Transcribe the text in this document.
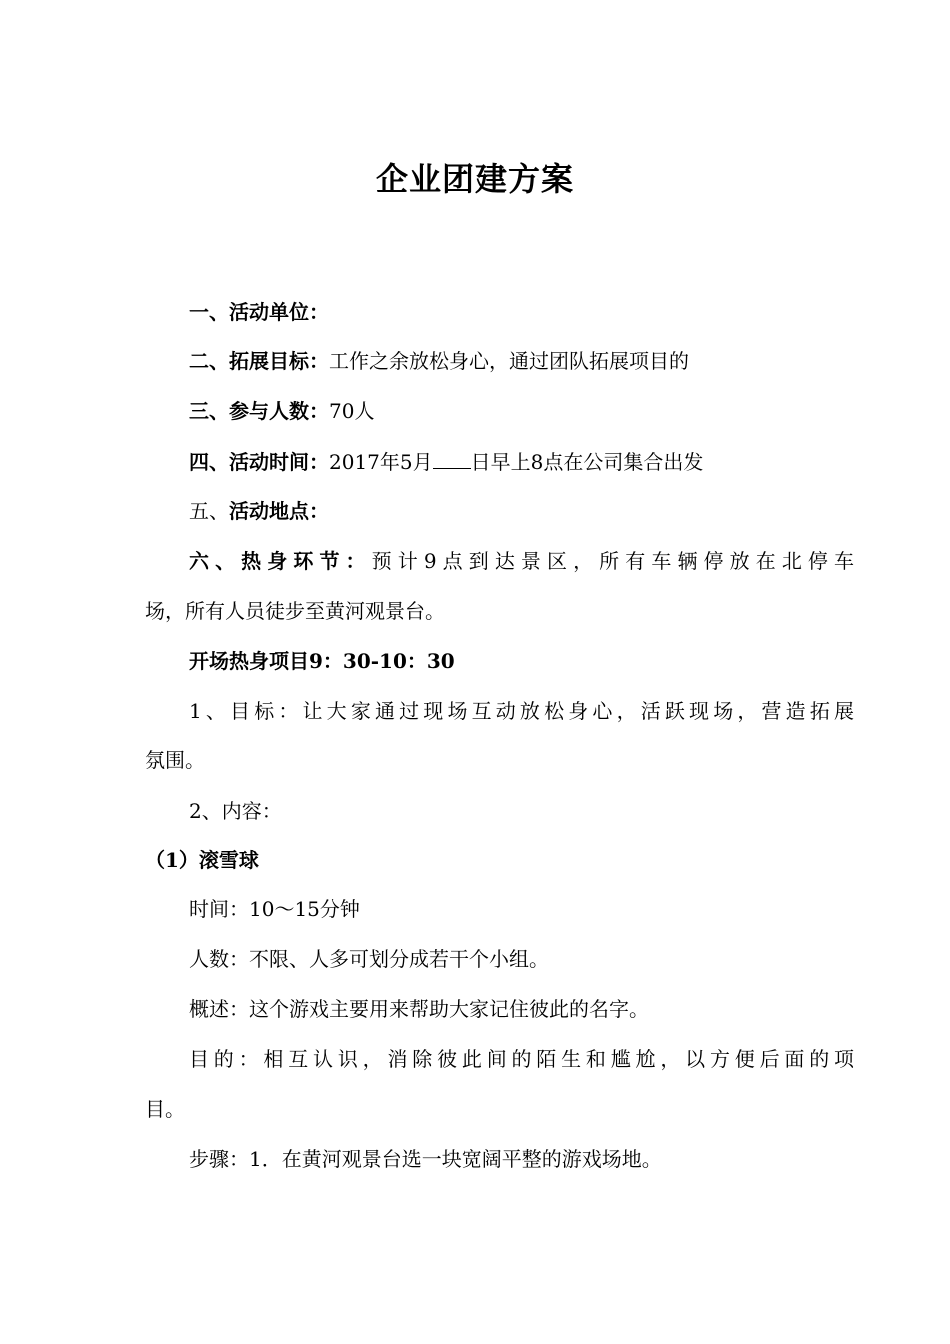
企业团建方案
一、活动单位：
二、拓展目标：工作之余放松身心，通过团队拓展项目的
三、参与人数：70人
四、活动时间：2017年5月 日早上8点在公司集合出发
五、活动地点：
六、热身环节：预计9点到达景区，所有车辆停放在北停车
场，所有人员徒步至黄河观景台。
开场热身项目9：30-10：30
1、目标：让大家通过现场互动放松身心，活跃现场，营造拓展
氛围。
2、内容：
（1）滚雪球
时间：10～15分钟
人数：不限、人多可划分成若干个小组。
概述：这个游戏主要用来帮助大家记住彼此的名字。
目的：相互认识，消除彼此间的陌生和尴尬，以方便后面的项
目。
步骤：1．在黄河观景台选一块宽阔平整的游戏场地。
